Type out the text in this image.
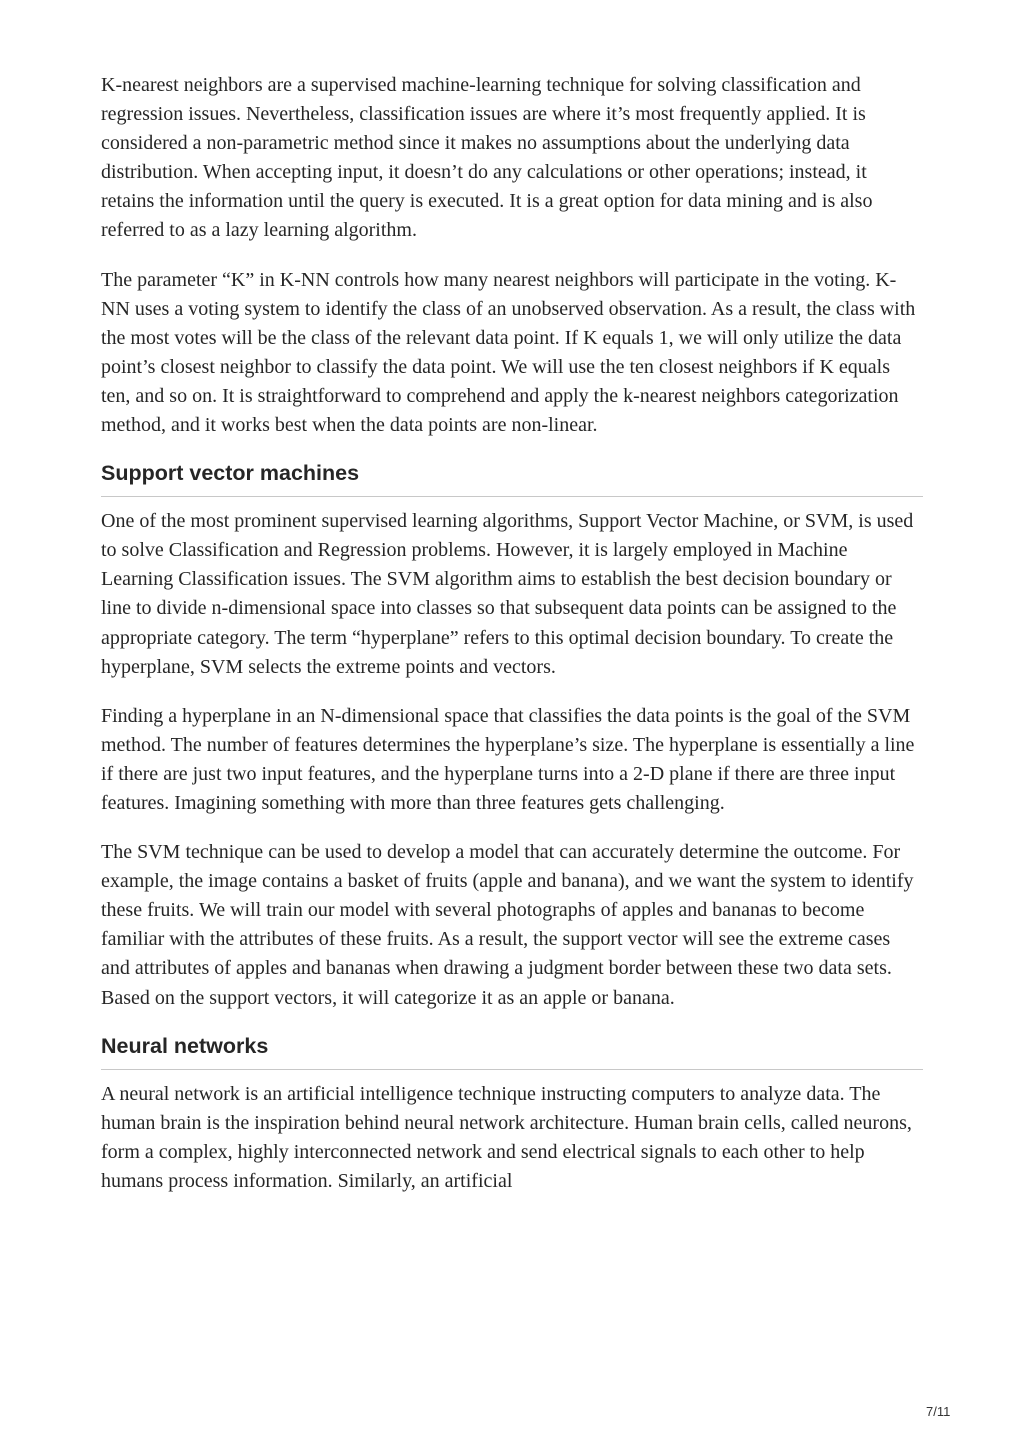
K-nearest neighbors are a supervised machine-learning technique for solving classification and regression issues. Nevertheless, classification issues are where it’s most frequently applied. It is considered a non-parametric method since it makes no assumptions about the underlying data distribution. When accepting input, it doesn’t do any calculations or other operations; instead, it retains the information until the query is executed. It is a great option for data mining and is also referred to as a lazy learning algorithm.

The parameter “K” in K-NN controls how many nearest neighbors will participate in the voting. K-NN uses a voting system to identify the class of an unobserved observation. As a result, the class with the most votes will be the class of the relevant data point. If K equals 1, we will only utilize the data point’s closest neighbor to classify the data point. We will use the ten closest neighbors if K equals ten, and so on. It is straightforward to comprehend and apply the k-nearest neighbors categorization method, and it works best when the data points are non-linear.

Support vector machines

One of the most prominent supervised learning algorithms, Support Vector Machine, or SVM, is used to solve Classification and Regression problems. However, it is largely employed in Machine Learning Classification issues. The SVM algorithm aims to establish the best decision boundary or line to divide n-dimensional space into classes so that subsequent data points can be assigned to the appropriate category. The term “hyperplane” refers to this optimal decision boundary. To create the hyperplane, SVM selects the extreme points and vectors.

Finding a hyperplane in an N-dimensional space that classifies the data points is the goal of the SVM method. The number of features determines the hyperplane’s size. The hyperplane is essentially a line if there are just two input features, and the hyperplane turns into a 2-D plane if there are three input features. Imagining something with more than three features gets challenging.

The SVM technique can be used to develop a model that can accurately determine the outcome. For example, the image contains a basket of fruits (apple and banana), and we want the system to identify these fruits. We will train our model with several photographs of apples and bananas to become familiar with the attributes of these fruits. As a result, the support vector will see the extreme cases and attributes of apples and bananas when drawing a judgment border between these two data sets. Based on the support vectors, it will categorize it as an apple or banana.

Neural networks

A neural network is an artificial intelligence technique instructing computers to analyze data. The human brain is the inspiration behind neural network architecture. Human brain cells, called neurons, form a complex, highly interconnected network and send electrical signals to each other to help humans process information. Similarly, an artificial

7/11
